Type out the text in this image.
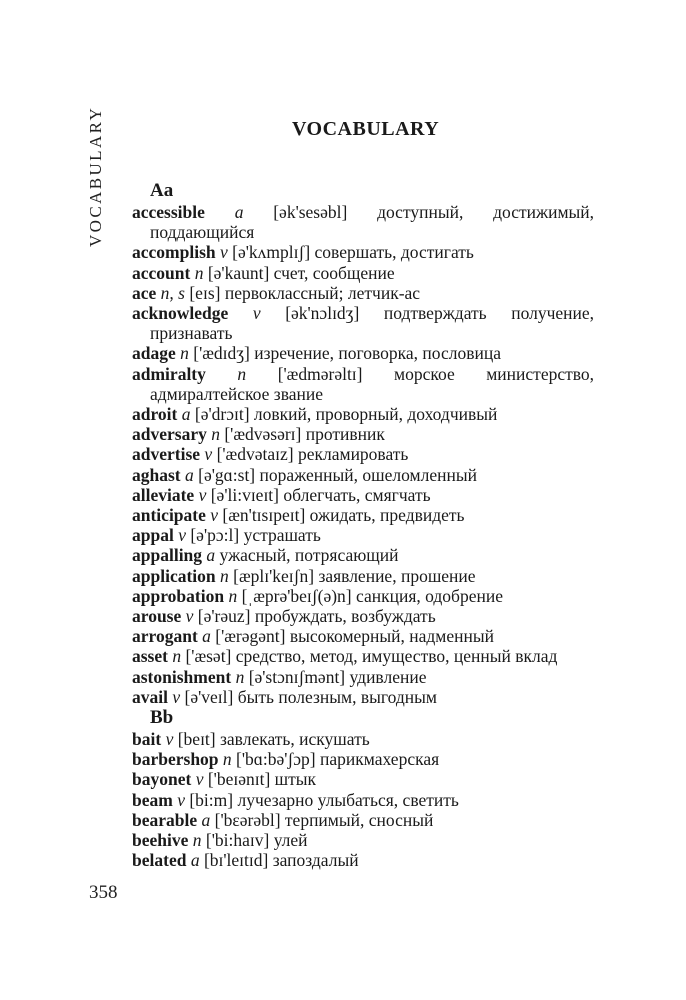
VOCABULARY	VOCABULARY
Aa
accessible a [ək'sesəbl] доступный, достижимый, поддающийся
accomplish v [ə'kʌmplɪʃ] совершать, достигать
account n [ə'kaunt] счет, сообщение
ace n, s [eɪs] первоклассный; летчик-ас
acknowledge v [ək'nɔlɪdʒ] подтверждать получение, признавать
adage n ['ædɪdʒ] изречение, поговорка, пословица
admiralty n ['ædmərəltɪ] морское министерство, адмиралтейское звание
adroit a [ə'drɔɪt] ловкий, проворный, доходчивый
adversary n ['ædvəsərɪ] противник
advertise v ['ædvətaɪz] рекламировать
aghast a [ə'gɑ:st] пораженный, ошеломленный
alleviate v [ə'li:vɪeɪt] облегчать, смягчать
anticipate v [æn'tɪsɪpeɪt] ожидать, предвидеть
appal v [ə'pɔ:l] устрашать
appalling a ужасный, потрясающий
application n [æplɪ'keɪʃn] заявление, прошение
approbation n [ˌæprə'beɪʃ(ə)n] санкция, одобрение
arouse v [ə'rəuz] пробуждать, возбуждать
arrogant a ['ærəgənt] высокомерный, надменный
asset n ['æsət] средство, метод, имущество, ценный вклад
astonishment n [ə'stɔnɪʃmənt] удивление
avail v [ə'veɪl] быть полезным, выгодным
Bb
bait v [beɪt] завлекать, искушать
barbershop n ['bɑ:bə'ʃɔp] парикмахерская
bayonet v ['beɪənɪt] штык
beam v [bi:m] лучезарно улыбаться, светить
bearable a ['bɛərəbl] терпимый, сносный
beehive n ['bi:haɪv] улей
belated a [bɪ'leɪtɪd] запоздалый
358
